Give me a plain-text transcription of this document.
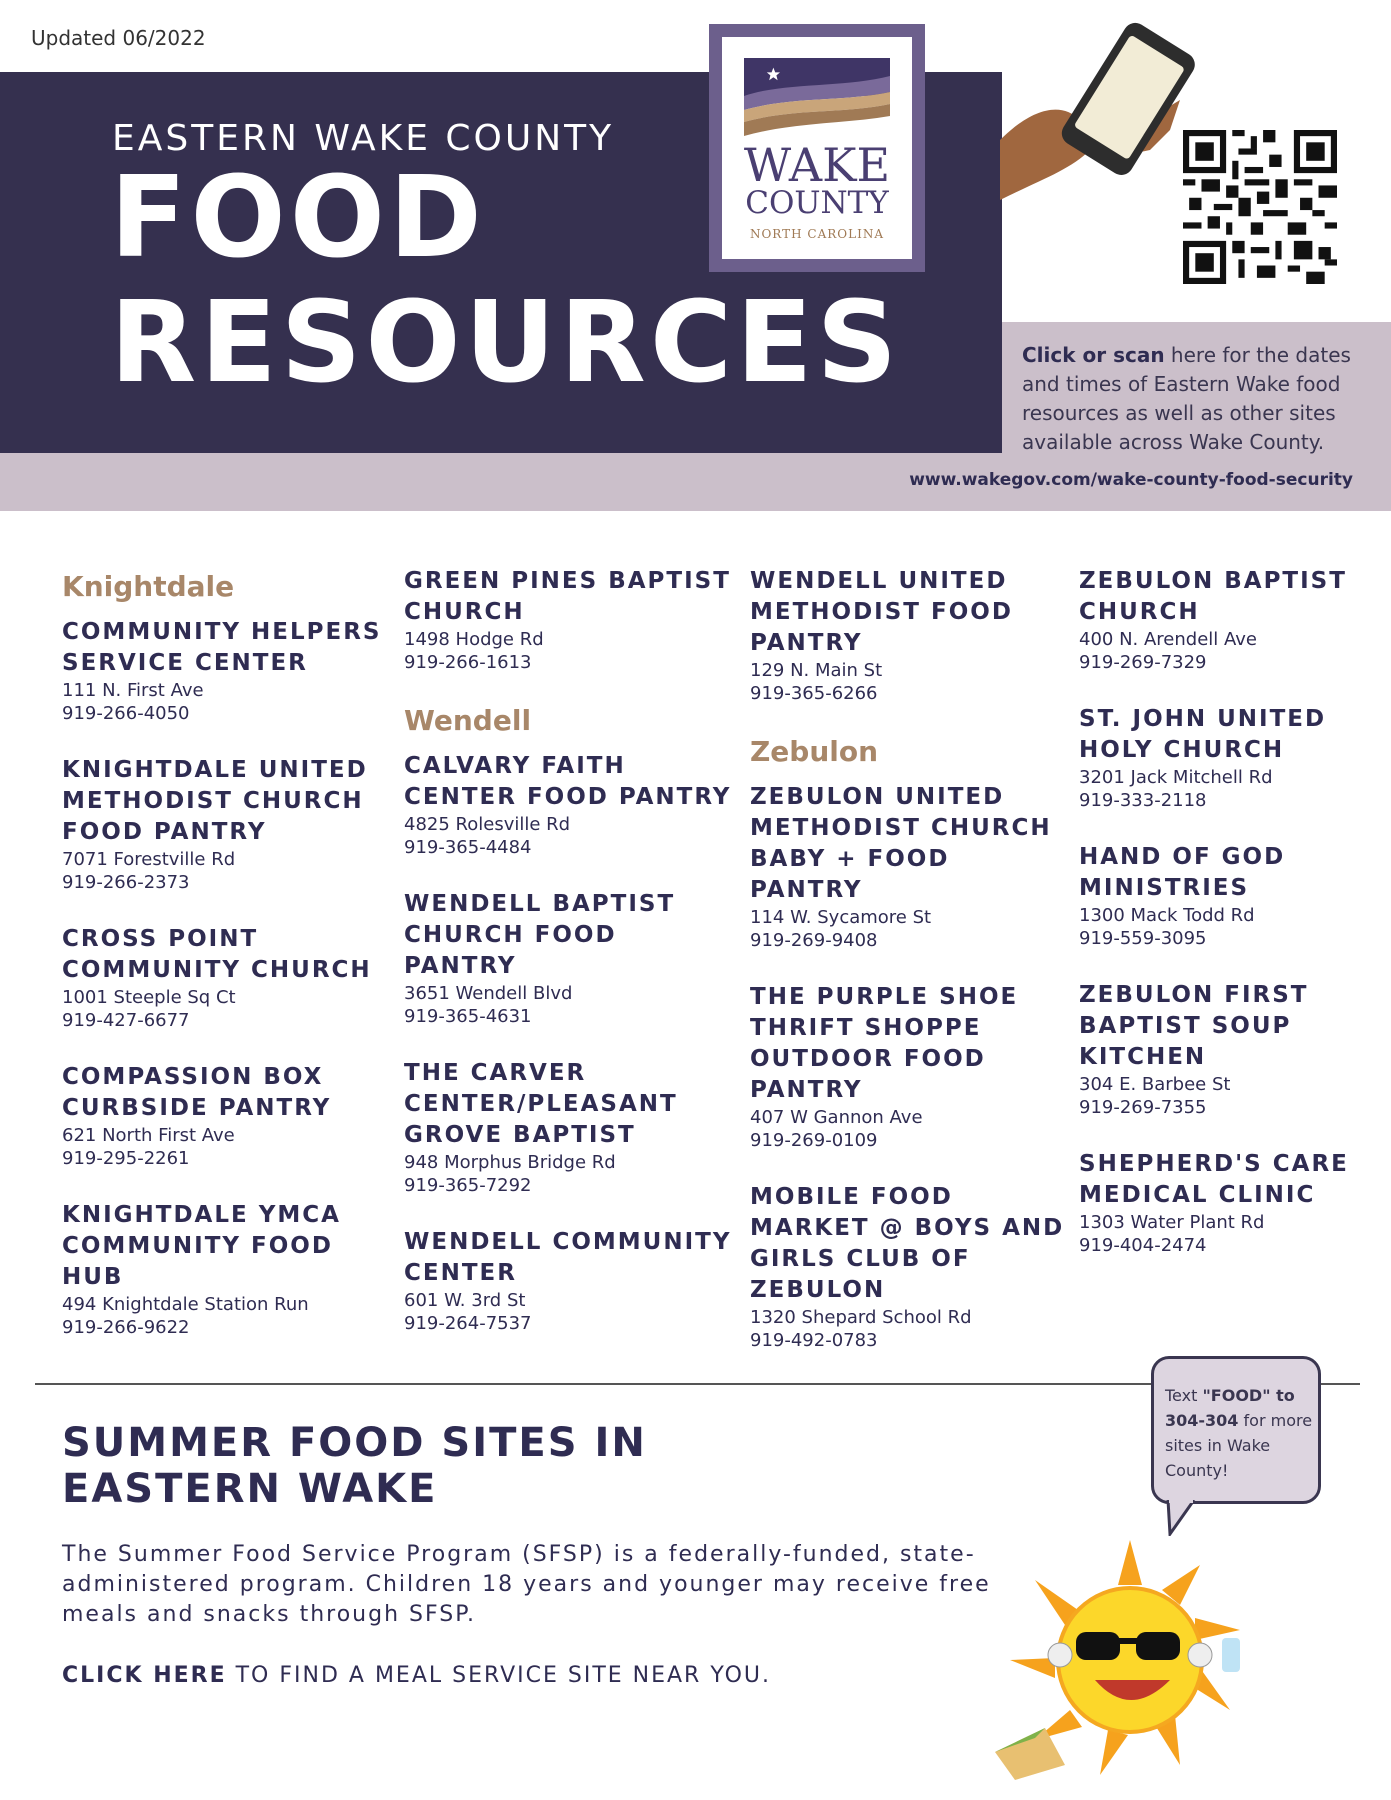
Updated 06/2022
EASTERN WAKE COUNTY
FOOD
RESOURCES
WAKE
COUNTY
NORTH CAROLINA
Click or scan here for the dates and times of Eastern Wake food resources as well as other sites available across Wake County.
www.wakegov.com/wake-county-food-security
Knightdale
COMMUNITY HELPERS SERVICE CENTER
111 N. First Ave
919-266-4050
KNIGHTDALE UNITED METHODIST CHURCH FOOD PANTRY
7071 Forestville Rd
919-266-2373
CROSS POINT COMMUNITY CHURCH
1001 Steeple Sq Ct
919-427-6677
COMPASSION BOX CURBSIDE PANTRY
621 North First Ave
919-295-2261
KNIGHTDALE YMCA COMMUNITY FOOD HUB
494 Knightdale Station Run
919-266-9622
GREEN PINES BAPTIST CHURCH
1498 Hodge Rd
919-266-1613
Wendell
CALVARY FAITH CENTER FOOD PANTRY
4825 Rolesville Rd
919-365-4484
WENDELL BAPTIST CHURCH FOOD PANTRY
3651 Wendell Blvd
919-365-4631
THE CARVER CENTER/PLEASANT GROVE BAPTIST
948 Morphus Bridge Rd
919-365-7292
WENDELL COMMUNITY CENTER
601 W. 3rd St
919-264-7537
WENDELL UNITED METHODIST FOOD PANTRY
129 N. Main St
919-365-6266
Zebulon
ZEBULON UNITED METHODIST CHURCH BABY + FOOD PANTRY
114 W. Sycamore St
919-269-9408
THE PURPLE SHOE THRIFT SHOPPE OUTDOOR FOOD PANTRY
407 W Gannon Ave
919-269-0109
MOBILE FOOD MARKET @ BOYS AND GIRLS CLUB OF ZEBULON
1320 Shepard School Rd
919-492-0783
ZEBULON BAPTIST CHURCH
400 N. Arendell Ave
919-269-7329
ST. JOHN UNITED HOLY CHURCH
3201 Jack Mitchell Rd
919-333-2118
HAND OF GOD MINISTRIES
1300 Mack Todd Rd
919-559-3095
ZEBULON FIRST BAPTIST SOUP KITCHEN
304 E. Barbee St
919-269-7355
SHEPHERD'S CARE MEDICAL CLINIC
1303 Water Plant Rd
919-404-2474
SUMMER FOOD SITES IN EASTERN WAKE
The Summer Food Service Program (SFSP) is a federally-funded, state-administered program. Children 18 years and younger may receive free meals and snacks through SFSP.
CLICK HERE TO FIND A MEAL SERVICE SITE NEAR YOU.
Text "FOOD" to 304-304 for more sites in Wake County!
